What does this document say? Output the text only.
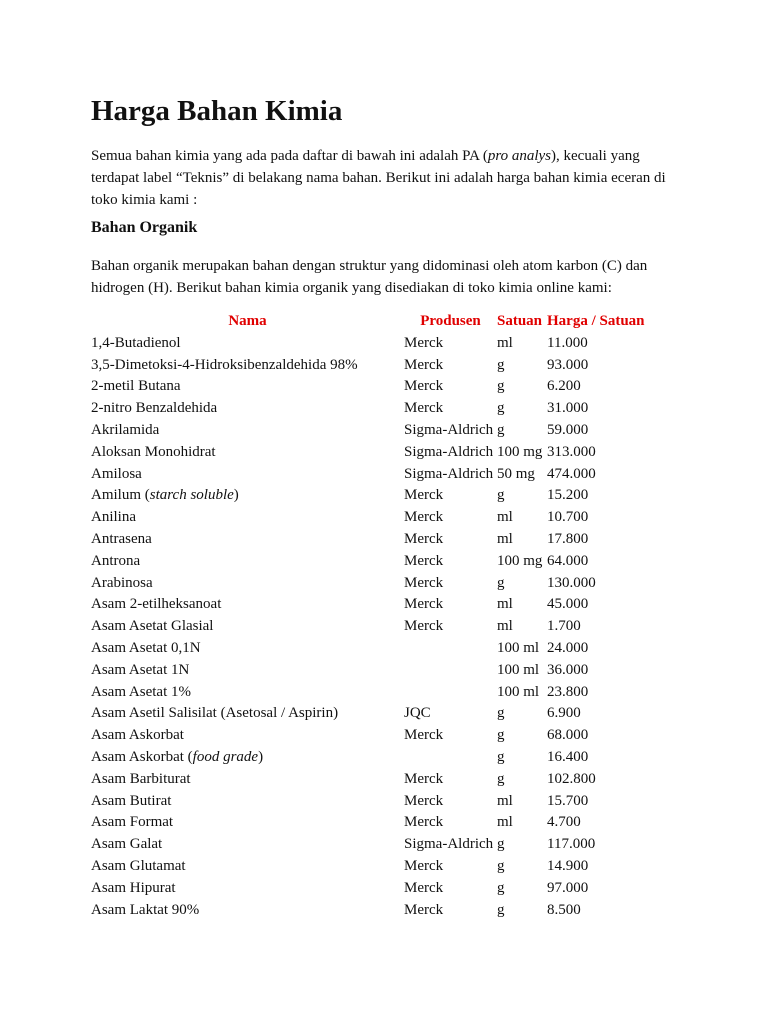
Harga Bahan Kimia

Semua bahan kimia yang ada pada daftar di bawah ini adalah PA (pro analys), kecuali yang
terdapat label “Teknis” di belakang nama bahan. Berikut ini adalah harga bahan kimia eceran di
toko kimia kami :

Bahan Organik

Bahan organik merupakan bahan dengan struktur yang didominasi oleh atom karbon (C) dan
hidrogen (H). Berikut bahan kimia organik yang disediakan di toko kimia online kami:

Nama	Produsen	Satuan	Harga / Satuan
1,4-Butadienol	Merck	ml	11.000
3,5-Dimetoksi-4-Hidroksibenzaldehida 98%	Merck	g	93.000
2-metil Butana	Merck	g	6.200
2-nitro Benzaldehida	Merck	g	31.000
Akrilamida	Sigma-Aldrich	g	59.000
Aloksan Monohidrat	Sigma-Aldrich	100 mg	313.000
Amilosa	Sigma-Aldrich	50 mg	474.000
Amilum (starch soluble)	Merck	g	15.200
Anilina	Merck	ml	10.700
Antrasena	Merck	ml	17.800
Antrona	Merck	100 mg	64.000
Arabinosa	Merck	g	130.000
Asam 2-etilheksanoat	Merck	ml	45.000
Asam Asetat Glasial	Merck	ml	1.700
Asam Asetat 0,1N		100 ml	24.000
Asam Asetat 1N		100 ml	36.000
Asam Asetat 1%		100 ml	23.800
Asam Asetil Salisilat (Asetosal / Aspirin)	JQC	g	6.900
Asam Askorbat	Merck	g	68.000
Asam Askorbat (food grade)		g	16.400
Asam Barbiturat	Merck	g	102.800
Asam Butirat	Merck	ml	15.700
Asam Format	Merck	ml	4.700
Asam Galat	Sigma-Aldrich	g	117.000
Asam Glutamat	Merck	g	14.900
Asam Hipurat	Merck	g	97.000
Asam Laktat 90%	Merck	g	8.500
